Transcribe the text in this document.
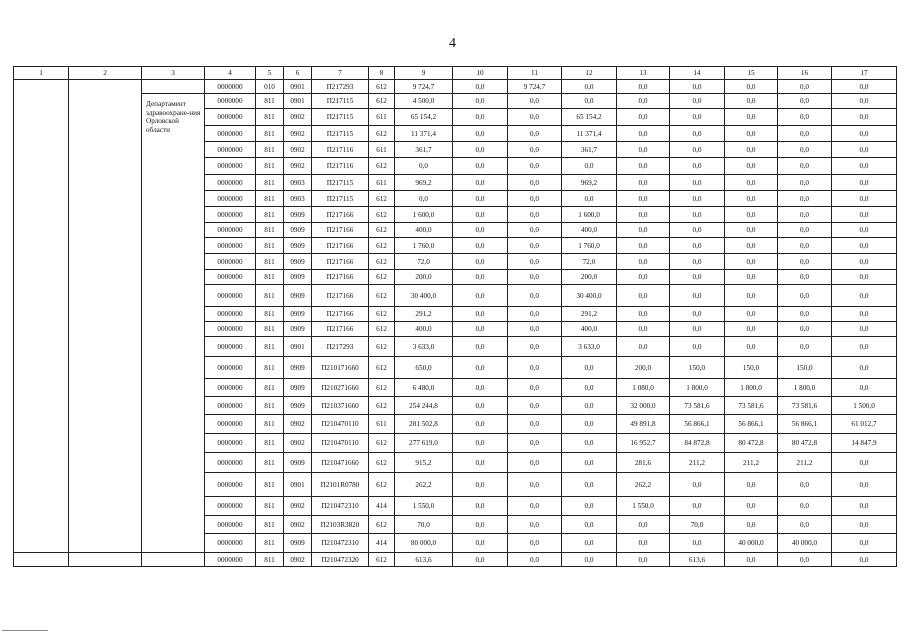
4
1	2	3	4	5	6	7	8	9	10	11	12	13	14	15	16	17
			0000000	010	0901	П217293	612	9 724,7	0,0	9 724,7	0,0	0,0	0,0	0,0	0,0	0,0
		Департамент здравоохране-ния Орловской области	0000000	811	0901	П217115	612	4 500,0	0,0	0,0	0,0	0,0	0,0	0,0	0,0	0,0
			0000000	811	0902	П217115	611	65 154,2	0,0	0,0	65 154,2	0,0	0,0	0,0	0,0	0,0
			0000000	811	0902	П217115	612	11 371,4	0,0	0,0	11 371,4	0,0	0,0	0,0	0,0	0,0
			0000000	811	0902	П217116	611	361,7	0,0	0,0	361,7	0,0	0,0	0,0	0,0	0,0
			0000000	811	0902	П217116	612	0,0	0,0	0,0	0,0	0,0	0,0	0,0	0,0	0,0
			0000000	811	0903	П217115	611	969,2	0,0	0,0	969,2	0,0	0,0	0,0	0,0	0,0
			0000000	811	0903	П217115	612	0,0	0,0	0,0	0,0	0,0	0,0	0,0	0,0	0,0
			0000000	811	0909	П217166	612	1 600,0	0,0	0,0	1 600,0	0,0	0,0	0,0	0,0	0,0
			0000000	811	0909	П217166	612	400,0	0,0	0,0	400,0	0,0	0,0	0,0	0,0	0,0
			0000000	811	0909	П217166	612	1 760,0	0,0	0,0	1 760,0	0,0	0,0	0,0	0,0	0,0
			0000000	811	0909	П217166	612	72,0	0,0	0,0	72,0	0,0	0,0	0,0	0,0	0,0
			0000000	811	0909	П217166	612	200,0	0,0	0,0	200,0	0,0	0,0	0,0	0,0	0,0
			0000000	811	0909	П217166	612	30 400,0	0,0	0,0	30 400,0	0,0	0,0	0,0	0,0	0,0
			0000000	811	0909	П217166	612	291,2	0,0	0,0	291,2	0,0	0,0	0,0	0,0	0,0
			0000000	811	0909	П217166	612	400,0	0,0	0,0	400,0	0,0	0,0	0,0	0,0	0,0
			0000000	811	0901	П217293	612	3 633,0	0,0	0,0	3 633,0	0,0	0,0	0,0	0,0	0,0
			0000000	811	0909	П210171660	612	650,0	0,0	0,0	0,0	200,0	150,0	150,0	150,0	0,0
			0000000	811	0909	П210271660	612	6 480,0	0,0	0,0	0,0	1 080,0	1 800,0	1 800,0	1 800,0	0,0
			0000000	811	0909	П210371660	612	254 244,8	0,0	0,0	0,0	32 000,0	73 581,6	73 581,6	73 581,6	1 500,0
			0000000	811	0902	П210470110	611	281 502,8	0,0	0,0	0,0	49 891,8	56 866,1	56 866,1	56 866,1	61 012,7
			0000000	811	0902	П210470110	612	277 619,0	0,0	0,0	0,0	16 952,7	84 872,8	80 472,8	80 472,8	14 847,9
			0000000	811	0909	П210471660	612	915,2	0,0	0,0	0,0	281,6	211,2	211,2	211,2	0,0
			0000000	811	0901	П2101R0780	612	262,2	0,0	0,0	0,0	262,2	0,0	0,0	0,0	0,0
			0000000	811	0902	П210472310	414	1 550,0	0,0	0,0	0,0	1 550,0	0,0	0,0	0,0	0,0
			0000000	811	0902	П2103R3820	612	70,0	0,0	0,0	0,0	0,0	70,0	0,0	0,0	0,0
			0000000	811	0909	П210472310	414	80 000,0	0,0	0,0	0,0	0,0	0,0	40 000,0	40 000,0	0,0
			0000000	811	0902	П210472320	612	613,6	0,0	0,0	0,0	0,0	613,6	0,0	0,0	0,0
